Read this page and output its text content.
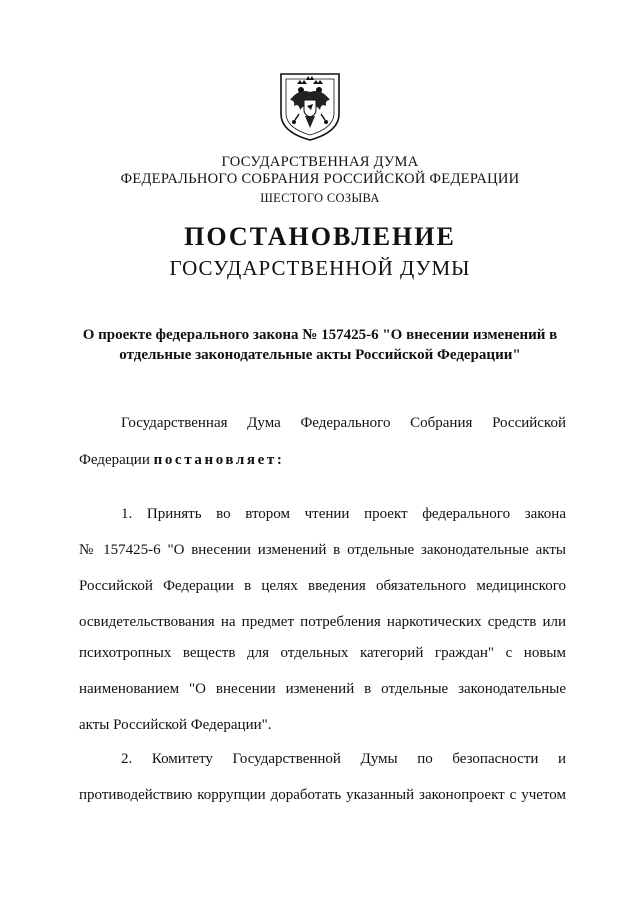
ГОСУДАРСТВЕННАЯ ДУМА
ФЕДЕРАЛЬНОГО СОБРАНИЯ РОССИЙСКОЙ ФЕДЕРАЦИИ
ШЕСТОГО СОЗЫВА
ПОСТАНОВЛЕНИЕ
ГОСУДАРСТВЕННОЙ ДУМЫ
О проекте федерального закона № 157425-6 "О внесении изменений в
отдельные законодательные акты Российской Федерации"
Государственная Дума Федерального Собрания Российской
Федерации постановляет:
1. Принять во втором чтении проект федерального закона
№ 157425-6 "О внесении изменений в отдельные законодательные акты
Российской Федерации в целях введения обязательного медицинского
освидетельствования на предмет потребления наркотических средств или
психотропных веществ для отдельных категорий граждан" с новым
наименованием "О внесении изменений в отдельные законодательные
акты Российской Федерации".
2. Комитету Государственной Думы по безопасности и
противодействию коррупции доработать указанный законопроект с учетом
